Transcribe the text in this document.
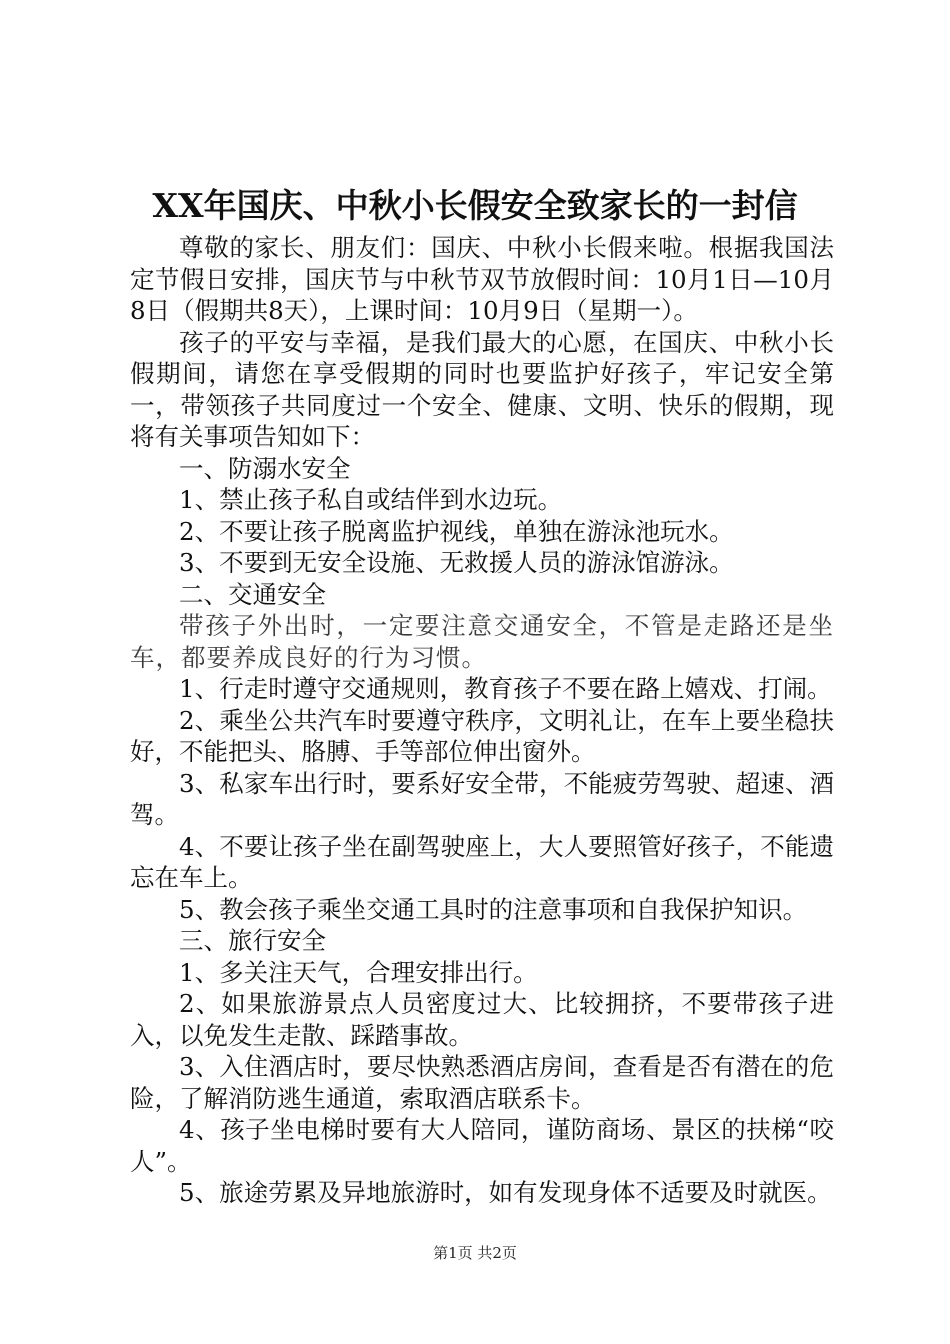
XX年国庆、中秋小长假安全致家长的一封信

尊敬的家长、朋友们：国庆、中秋小长假来啦。根据我国法定节假日安排，国庆节与中秋节双节放假时间：10月1日—10月8日（假期共8天），上课时间：10月9日（星期一）。

孩子的平安与幸福，是我们最大的心愿，在国庆、中秋小长假期间，请您在享受假期的同时也要监护好孩子，牢记安全第一，带领孩子共同度过一个安全、健康、文明、快乐的假期，现将有关事项告知如下：

一、防溺水安全

1、禁止孩子私自或结伴到水边玩。

2、不要让孩子脱离监护视线，单独在游泳池玩水。

3、不要到无安全设施、无救援人员的游泳馆游泳。

二、交通安全

带孩子外出时，一定要注意交通安全，不管是走路还是坐车，都要养成良好的行为习惯。

1、行走时遵守交通规则，教育孩子不要在路上嬉戏、打闹。

2、乘坐公共汽车时要遵守秩序，文明礼让，在车上要坐稳扶好，不能把头、胳膊、手等部位伸出窗外。

3、私家车出行时，要系好安全带，不能疲劳驾驶、超速、酒驾。

4、不要让孩子坐在副驾驶座上，大人要照管好孩子，不能遗忘在车上。

5、教会孩子乘坐交通工具时的注意事项和自我保护知识。

三、旅行安全

1、多关注天气，合理安排出行。

2、如果旅游景点人员密度过大、比较拥挤，不要带孩子进入，以免发生走散、踩踏事故。

3、入住酒店时，要尽快熟悉酒店房间，查看是否有潜在的危险，了解消防逃生通道，索取酒店联系卡。

4、孩子坐电梯时要有大人陪同，谨防商场、景区的扶梯“咬人”。

5、旅途劳累及异地旅游时，如有发现身体不适要及时就医。

第1页 共2页
